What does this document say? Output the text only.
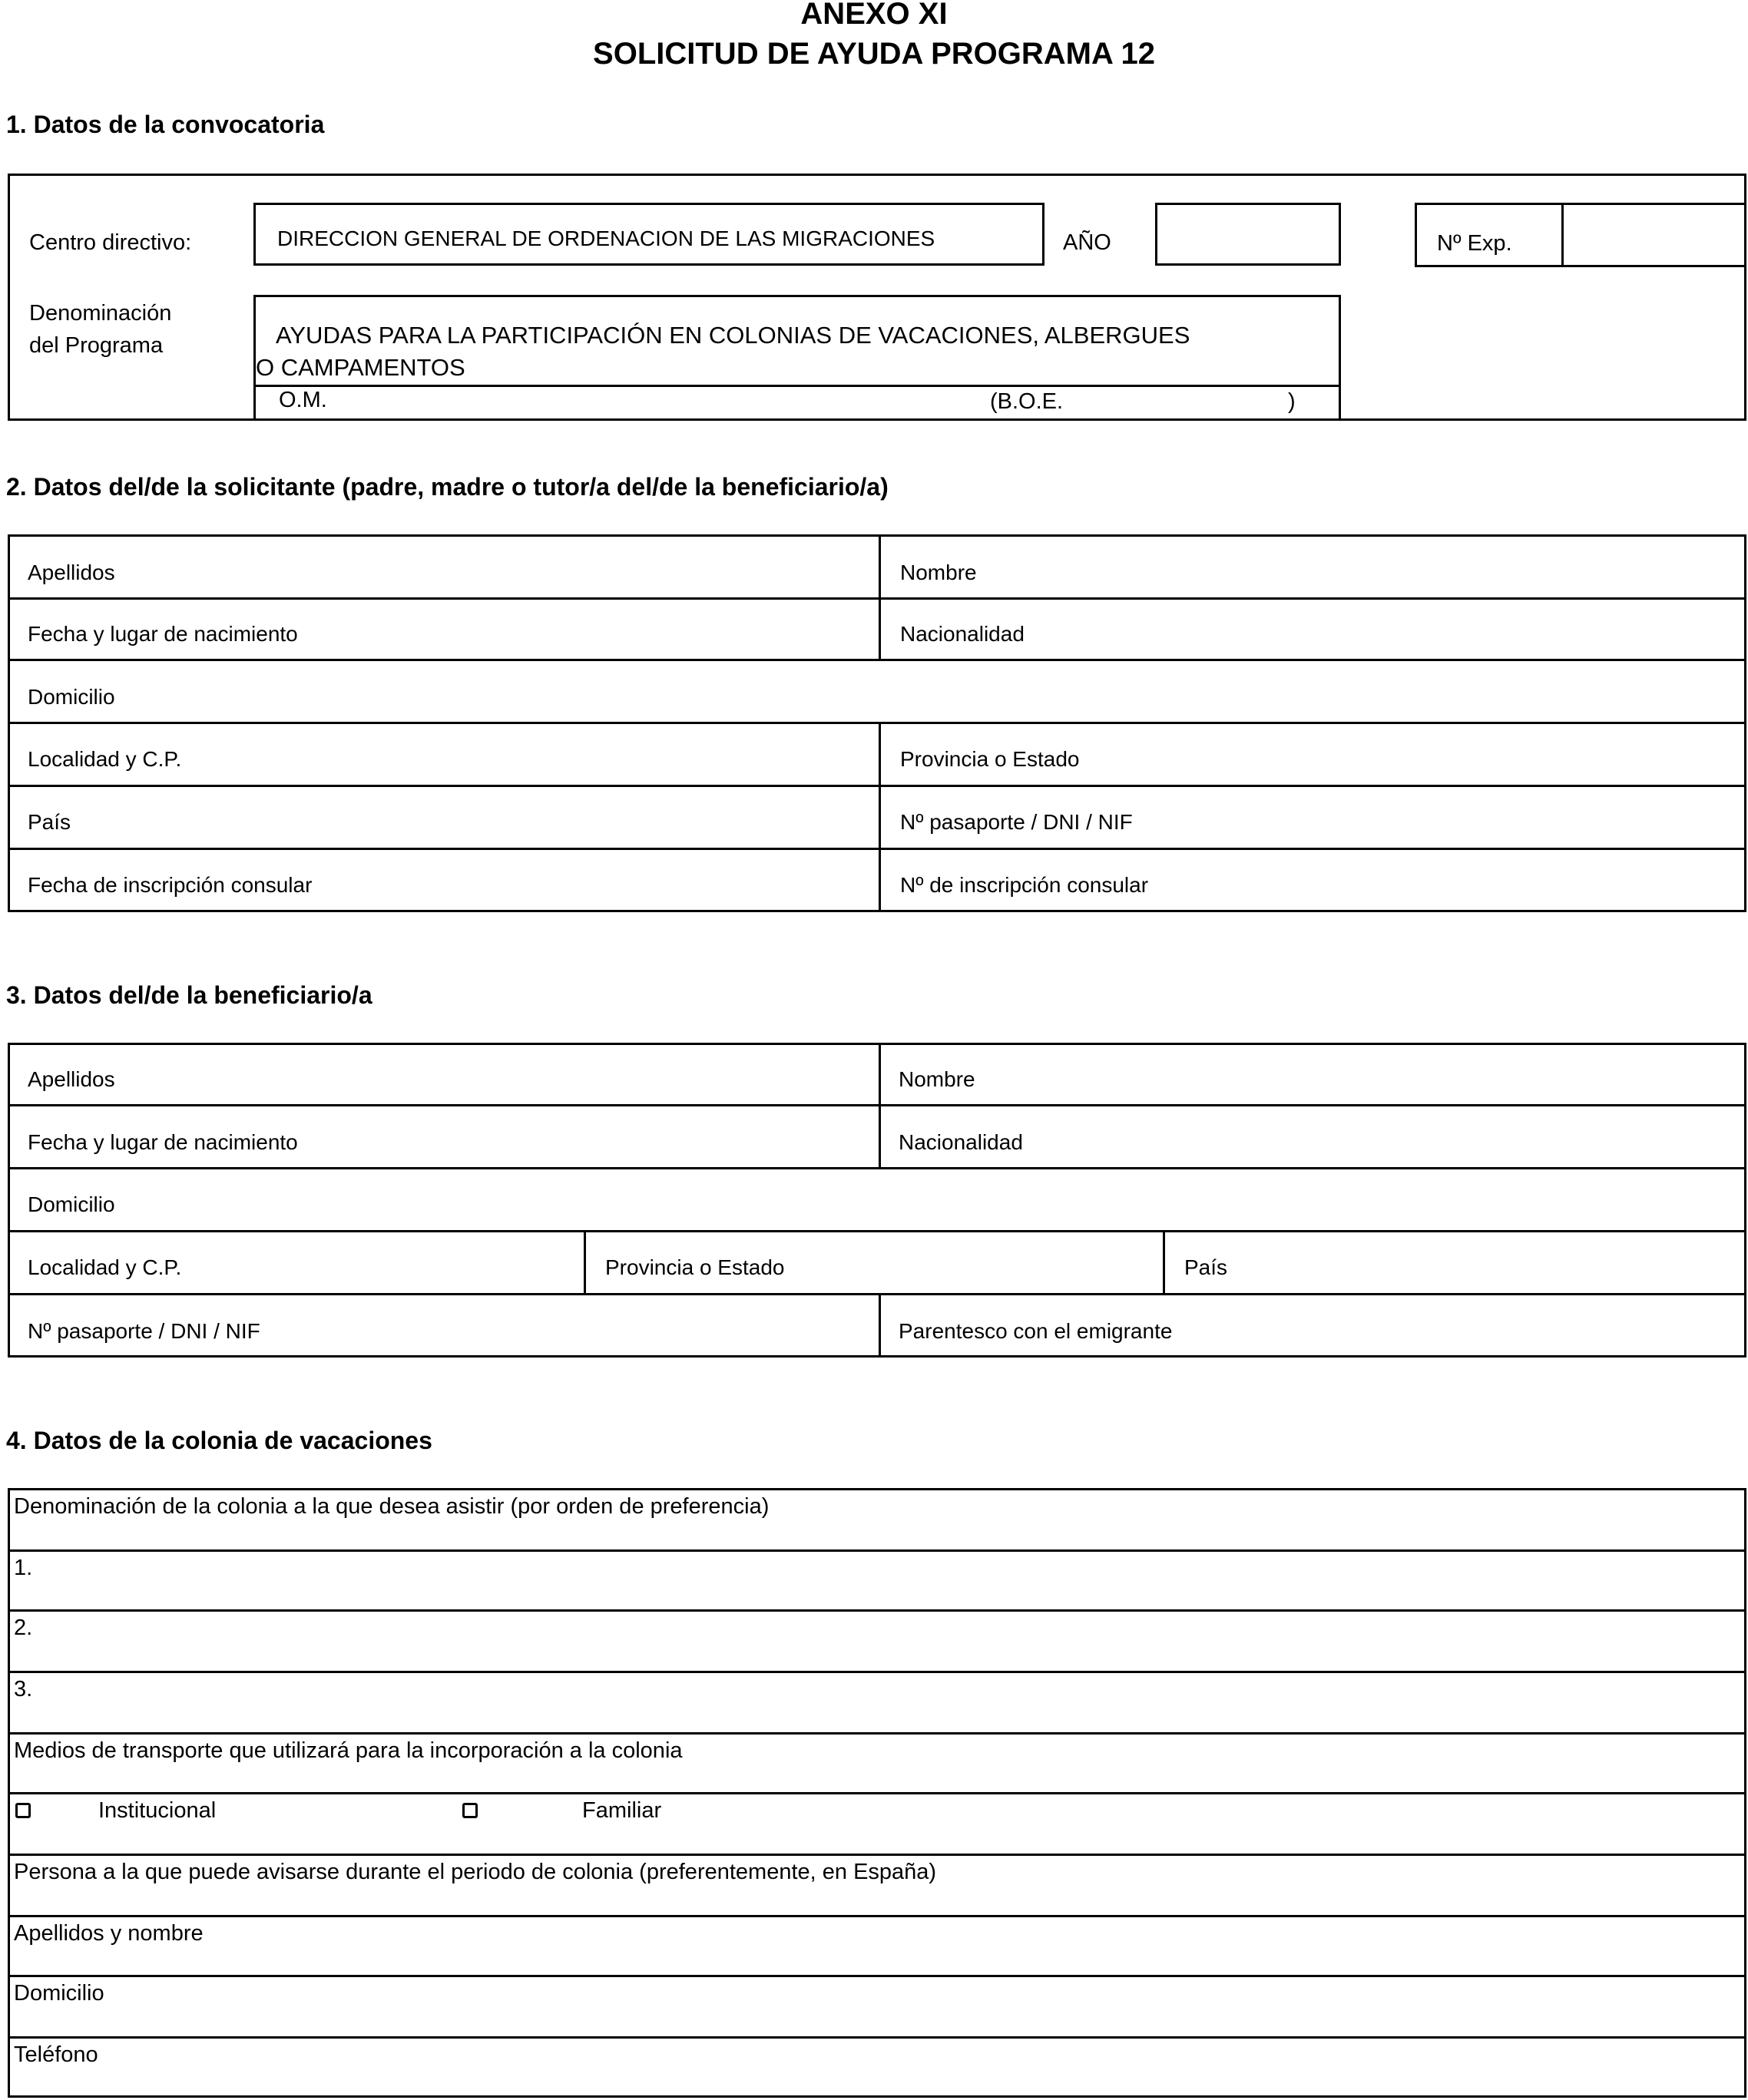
ANEXO XI
SOLICITUD DE AYUDA PROGRAMA 12
1. Datos de la convocatoria
Centro directivo:	DIRECCION GENERAL DE ORDENACION DE LAS MIGRACIONES	AÑO	Nº Exp.
Denominación
del Programa	AYUDAS PARA LA PARTICIPACIÓN EN COLONIAS DE VACACIONES, ALBERGUES
O CAMPAMENTOS
O.M.	(B.O.E.	)
2. Datos del/de la solicitante (padre, madre o tutor/a del/de la beneficiario/a)
Apellidos	Nombre
Fecha y lugar de nacimiento	Nacionalidad
Domicilio
Localidad y C.P.	Provincia o Estado
País	Nº pasaporte / DNI / NIF
Fecha de inscripción consular	Nº de inscripción consular
3. Datos del/de la beneficiario/a
Apellidos	Nombre
Fecha y lugar de nacimiento	Nacionalidad
Domicilio
Localidad y C.P.	Provincia o Estado	País
Nº pasaporte / DNI / NIF	Parentesco con el emigrante
4. Datos de la colonia de vacaciones
Denominación de la colonia a la que desea asistir (por orden de preferencia)
1.
2.
3.
Medios de transporte que utilizará para la incorporación a la colonia
Institucional	Familiar
Persona a la que puede avisarse durante el periodo de colonia (preferentemente, en España)
Apellidos y nombre
Domicilio
Teléfono
